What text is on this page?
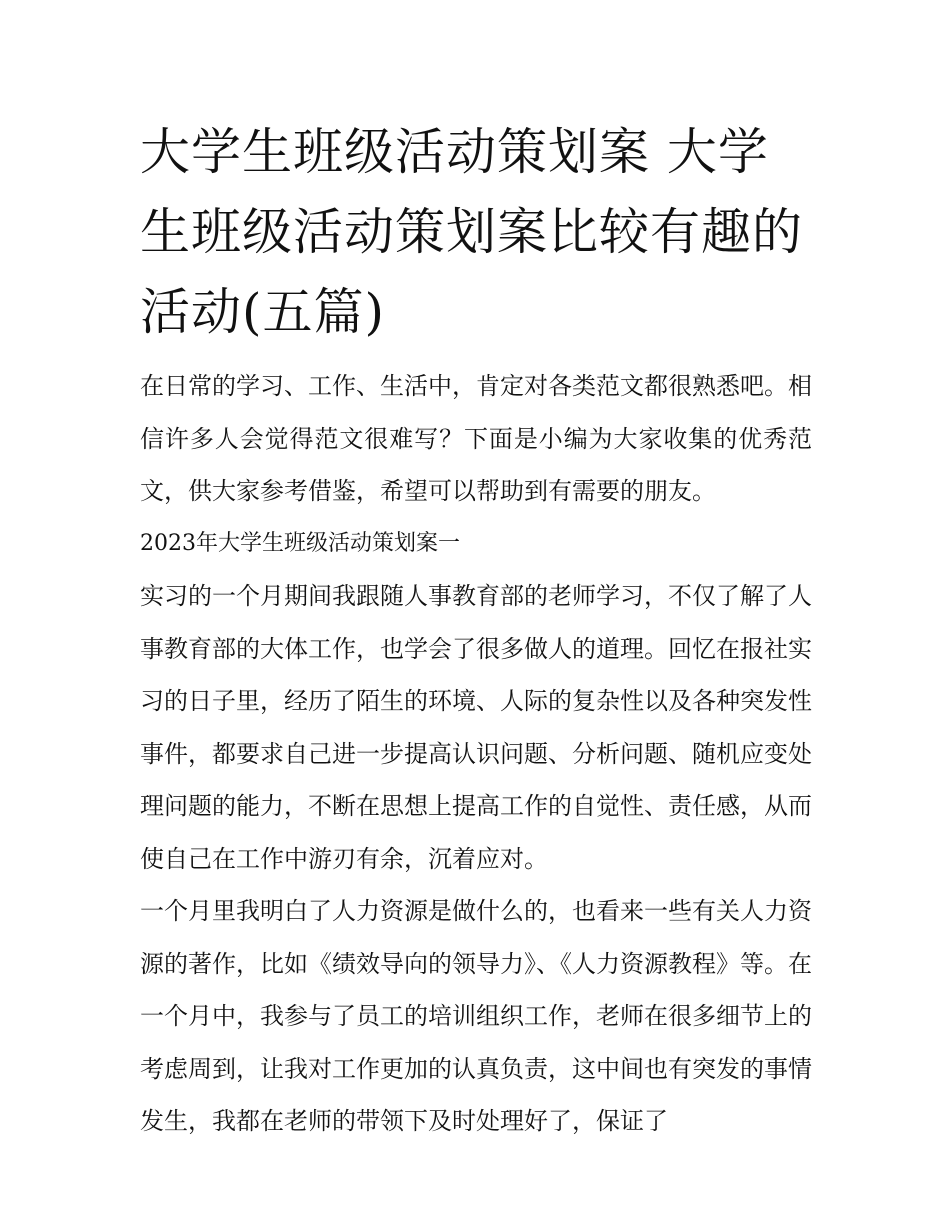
大学生班级活动策划案 大学生班级活动策划案比较有趣的活动(五篇)

在日常的学习、工作、生活中，肯定对各类范文都很熟悉吧。相信许多人会觉得范文很难写？下面是小编为大家收集的优秀范文，供大家参考借鉴，希望可以帮助到有需要的朋友。

2023年大学生班级活动策划案一

实习的一个月期间我跟随人事教育部的老师学习，不仅了解了人事教育部的大体工作，也学会了很多做人的道理。回忆在报社实习的日子里，经历了陌生的环境、人际的复杂性以及各种突发性事件，都要求自己进一步提高认识问题、分析问题、随机应变处理问题的能力，不断在思想上提高工作的自觉性、责任感，从而使自己在工作中游刃有余，沉着应对。

一个月里我明白了人力资源是做什么的，也看来一些有关人力资源的著作，比如《绩效导向的领导力》、《人力资源教程》等。在一个月中，我参与了员工的培训组织工作，老师在很多细节上的考虑周到，让我对工作更加的认真负责，这中间也有突发的事情发生，我都在老师的带领下及时处理好了，保证了
